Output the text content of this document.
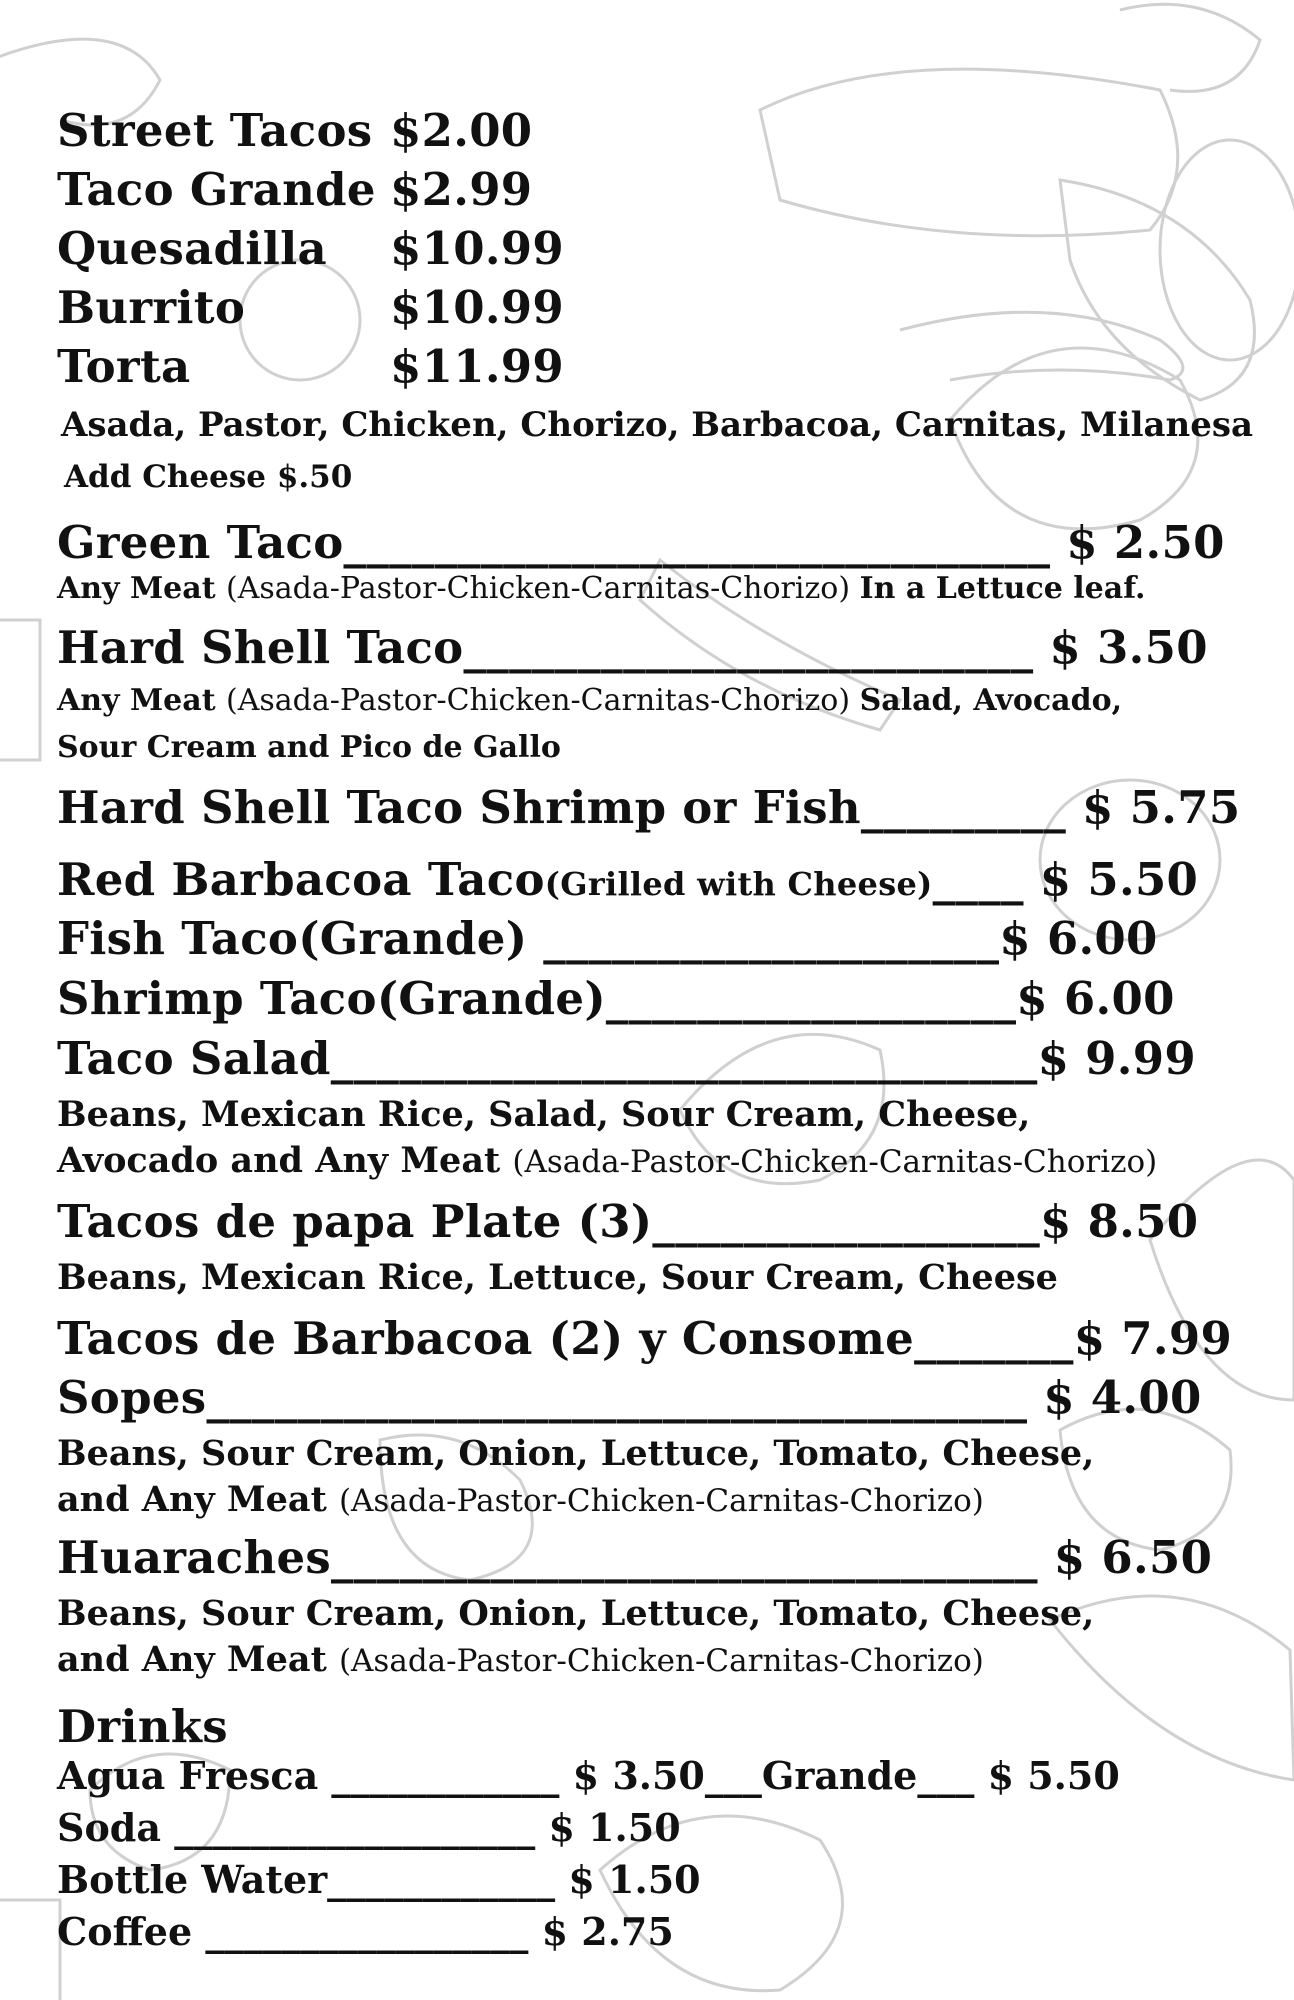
Street Tacos $2.00
Taco Grande $2.99
Quesadilla $10.99
Burrito	$10.99
Torta	$11.99
Asada, Pastor, Chicken, Chorizo, Barbacoa, Carnitas, Milanesa
Add Cheese $.50
Green Taco_______________________________ $ 2.50
Any Meat (Asada-Pastor-Chicken-Carnitas-Chorizo) In a Lettuce leaf.
Hard Shell Taco_________________________ $ 3.50
Any Meat (Asada-Pastor-Chicken-Carnitas-Chorizo) Salad, Avocado,
Sour Cream and Pico de Gallo
Hard Shell Taco Shrimp or Fish_________ $ 5.75
Red Barbacoa Taco(Grilled with Cheese)____ $ 5.50
Fish Taco(Grande) ____________________$ 6.00
Shrimp Taco(Grande)__________________$ 6.00
Taco Salad_______________________________$ 9.99
Beans, Mexican Rice, Salad, Sour Cream, Cheese,
Avocado and Any Meat (Asada-Pastor-Chicken-Carnitas-Chorizo)
Tacos de papa Plate (3)_________________$ 8.50
Beans, Mexican Rice, Lettuce, Sour Cream, Cheese
Tacos de Barbacoa (2) y Consome_______$ 7.99
Sopes____________________________________ $ 4.00
Beans, Sour Cream, Onion, Lettuce, Tomato, Cheese,
and Any Meat (Asada-Pastor-Chicken-Carnitas-Chorizo)
Huaraches_______________________________ $ 6.50
Beans, Sour Cream, Onion, Lettuce, Tomato, Cheese,
and Any Meat (Asada-Pastor-Chicken-Carnitas-Chorizo)
Drinks
Agua Fresca ____________ $ 3.50___Grande___ $ 5.50
Soda ___________________ $ 1.50
Bottle Water____________ $ 1.50
Coffee _________________ $ 2.75
